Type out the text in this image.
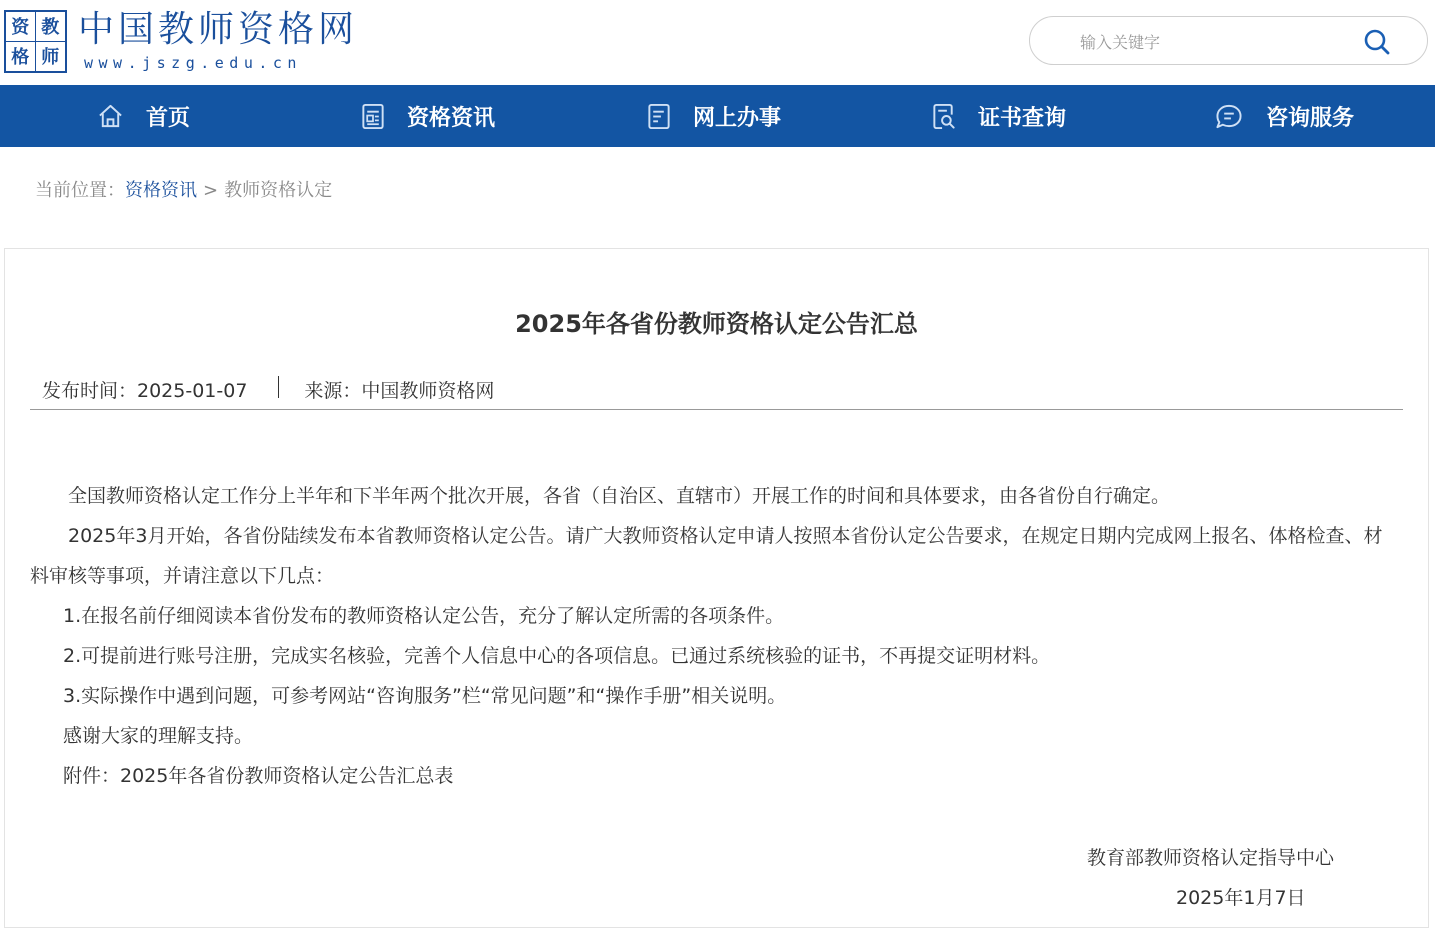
资 教
格 师
中国教师资格网
www.jszg.edu.cn
输入关键字
首页	资格资讯	网上办事	证书查询	咨询服务
当前位置：资格资讯 > 教师资格认定
2025年各省份教师资格认定公告汇总
发布时间：2025-01-07	来源：中国教师资格网
全国教师资格认定工作分上半年和下半年两个批次开展，各省（自治区、直辖市）开展工作的时间和具体要求，由各省份自行确定。
2025年3月开始，各省份陆续发布本省教师资格认定公告。请广大教师资格认定申请人按照本省份认定公告要求，在规定日期内完成网上报名、体格检查、材料审核等事项，并请注意以下几点：
1.在报名前仔细阅读本省份发布的教师资格认定公告，充分了解认定所需的各项条件。
2.可提前进行账号注册，完成实名核验，完善个人信息中心的各项信息。已通过系统核验的证书，不再提交证明材料。
3.实际操作中遇到问题，可参考网站“咨询服务”栏“常见问题”和“操作手册”相关说明。
感谢大家的理解支持。
附件：2025年各省份教师资格认定公告汇总表
教育部教师资格认定指导中心
2025年1月7日
